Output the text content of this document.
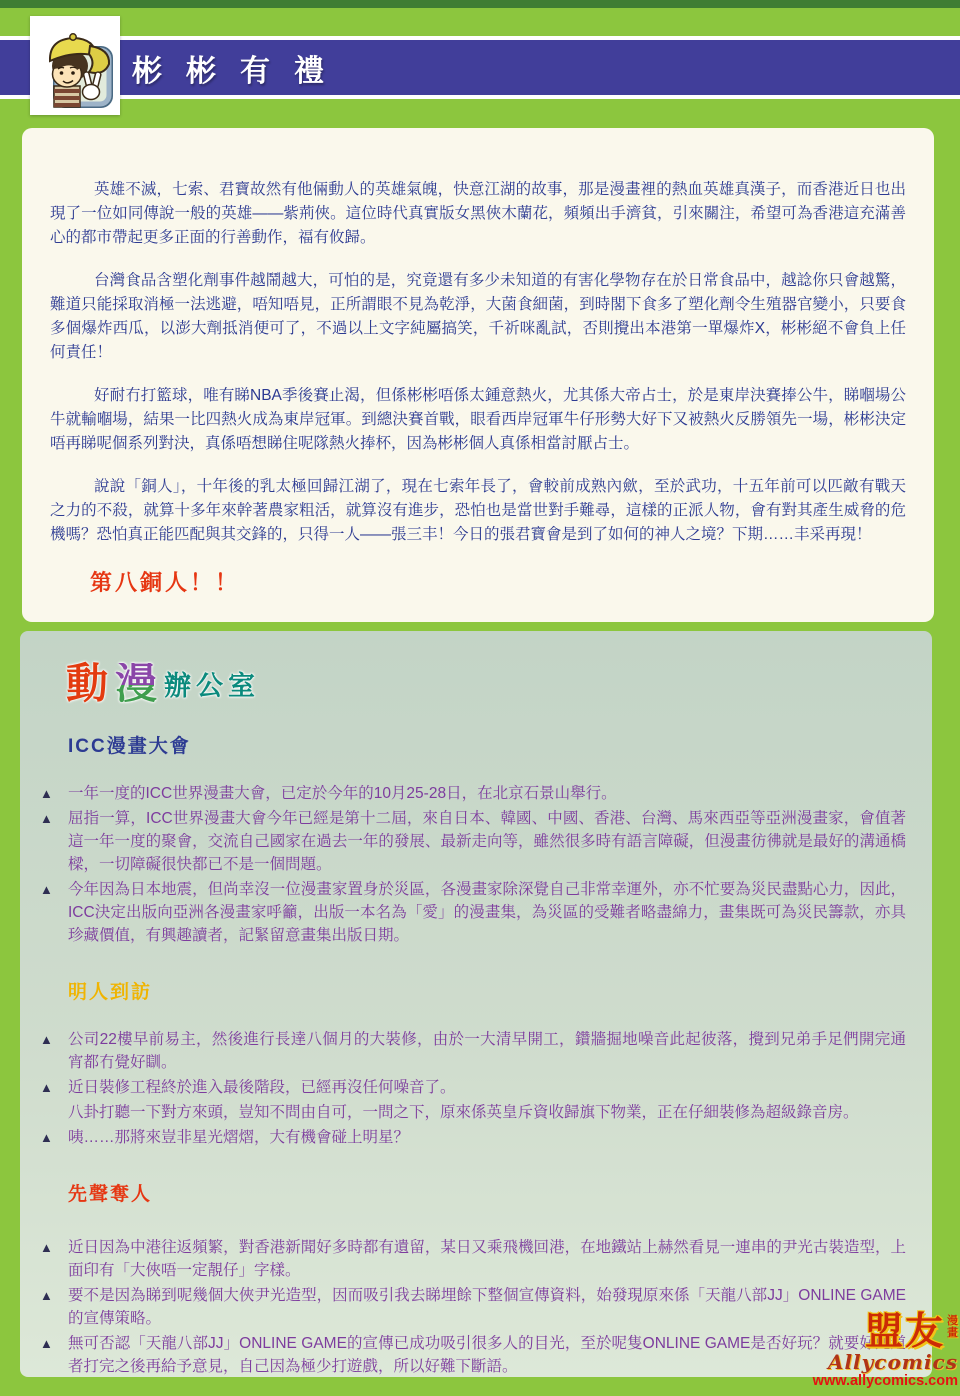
彬彬有禮

英雄不滅，七索、君寶故然有他倆動人的英雄氣魄，快意江湖的故事，那是漫畫裡的熱血英雄真漢子，而香港近日也出現了一位如同傳說一般的英雄——紫荊俠。這位時代真實版女黑俠木蘭花，頻頻出手濟貧，引來關注，希望可為香港這充滿善心的都市帶起更多正面的行善動作，福有攸歸。

台灣食品含塑化劑事件越鬧越大，可怕的是，究竟還有多少未知道的有害化學物存在於日常食品中，越諗你只會越驚，難道只能採取消極一法逃避，唔知唔見，正所謂眼不見為乾淨，大菌食細菌，到時閣下食多了塑化劑令生殖器官變小，只要食多個爆炸西瓜，以澎大劑抵消便可了，不過以上文字純屬搞笑，千祈咪亂試，否則攪出本港第一單爆炸X，彬彬絕不會負上任何責任！

好耐冇打籃球，唯有睇NBA季後賽止渴，但係彬彬唔係太鍾意熱火，尤其係大帝占士，於是東岸決賽捧公牛，睇嗰場公牛就輸嗰場，結果一比四熱火成為東岸冠軍。到總決賽首戰，眼看西岸冠軍牛仔形勢大好下又被熱火反勝領先一場，彬彬決定唔再睇呢個系列對決，真係唔想睇住呢隊熱火捧杯，因為彬彬個人真係相當討厭占士。

說說「銅人」，十年後的乳太極回歸江湖了，現在七索年長了，會較前成熟內歛，至於武功，十五年前可以匹敵有戰天之力的不殺，就算十多年來幹著農家粗活，就算沒有進步，恐怕也是當世對手難尋，這樣的正派人物，會有對其產生威脅的危機嗎？恐怕真正能匹配與其交鋒的，只得一人——張三丰！今日的張君寶會是到了如何的神人之境？下期……丰采再現！

第八銅人！！
動 漫 辦公室
ICC漫畫大會
▲ 一年一度的ICC世界漫畫大會，已定於今年的10月25-28日，在北京石景山舉行。
▲ 屈指一算，ICC世界漫畫大會今年已經是第十二屆，來自日本、韓國、中國、香港、台灣、馬來西亞等亞洲漫畫家，會值著這一年一度的聚會，交流自己國家在過去一年的發展、最新走向等，雖然很多時有語言障礙，但漫畫彷彿就是最好的溝通橋樑，一切障礙很快都已不是一個問題。
▲ 今年因為日本地震，但尚幸沒一位漫畫家置身於災區，各漫畫家除深覺自己非常幸運外，亦不忙要為災民盡點心力，因此，ICC決定出版向亞洲各漫畫家呼籲，出版一本名為「愛」的漫畫集，為災區的受難者略盡綿力，畫集既可為災民籌款，亦具珍藏價值，有興趣讀者，記緊留意畫集出版日期。
明人到訪
▲ 公司22樓早前易主，然後進行長達八個月的大裝修，由於一大清早開工，鑽牆掘地噪音此起彼落，攪到兄弟手足們開完通宵都冇覺好瞓。
▲ 近日裝修工程終於進入最後階段，已經再沒任何噪音了。
八卦打聽一下對方來頭，豈知不問由自可，一問之下，原來係英皇斥資收歸旗下物業，正在仔細裝修為超級錄音房。
▲ 咦……那將來豈非星光熠熠，大有機會碰上明星？
先聲奪人
▲ 近日因為中港往返頻繁，對香港新聞好多時都有遺留，某日又乘飛機回港，在地鐵站上赫然看見一連串的尹光古裝造型，上面印有「大俠唔一定靚仔」字樣。
▲ 要不是因為睇到呢幾個大俠尹光造型，因而吸引我去睇埋餘下整個宣傳資料，始發現原來係「天龍八部JJ」ONLINE GAME的宣傳策略。
▲ 無可否認「天龍八部JJ」ONLINE GAME的宣傳已成功吸引很多人的目光，至於呢隻ONLINE GAME是否好玩？就要好此道者打完之後再給予意見，自己因為極少打遊戲，所以好難下斷語。
盟友 漫
畫
Allycomics
www.allycomics.com
